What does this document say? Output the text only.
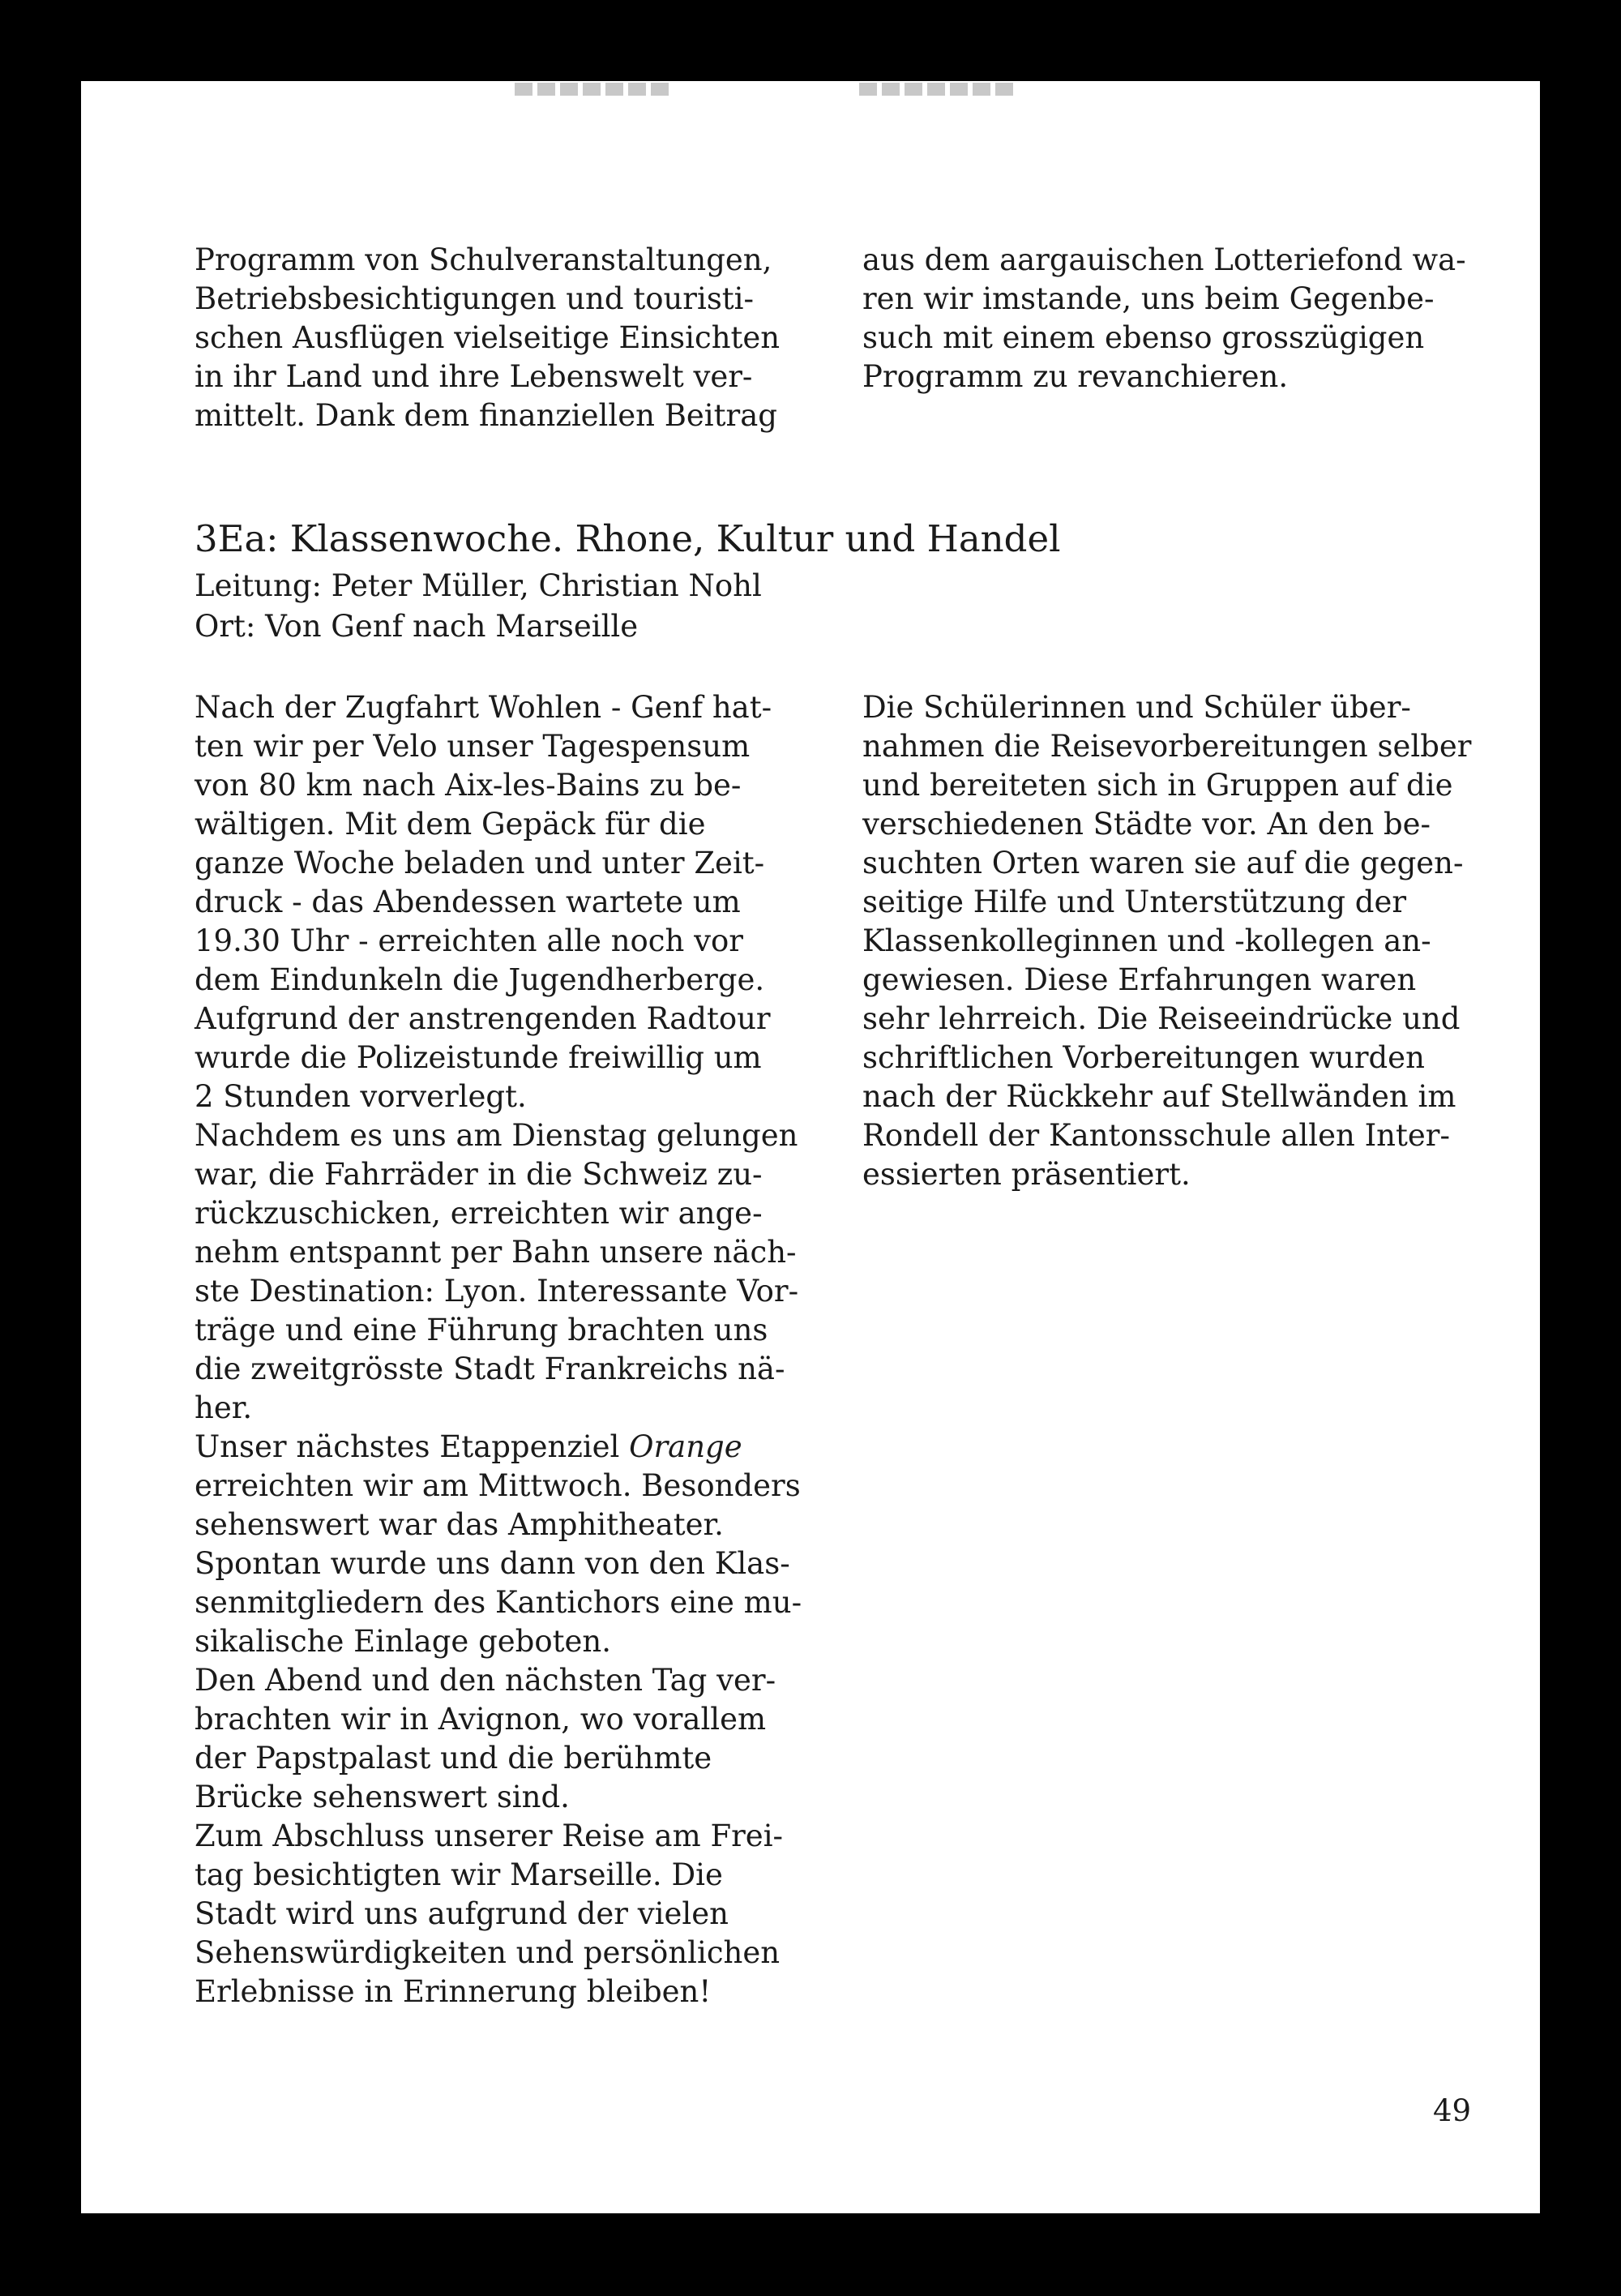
Programm von Schulveranstaltungen,
Betriebsbesichtigungen und touristi-
schen Ausflügen vielseitige Einsichten
in ihr Land und ihre Lebenswelt ver-
mittelt. Dank dem finanziellen Beitrag

aus dem aargauischen Lotteriefond wa-
ren wir imstande, uns beim Gegenbe-
such mit einem ebenso grosszügigen
Programm zu revanchieren.

3Ea: Klassenwoche. Rhone, Kultur und Handel

Leitung: Peter Müller, Christian Nohl

Ort: Von Genf nach Marseille

Nach der Zugfahrt Wohlen - Genf hat-
ten wir per Velo unser Tagespensum
von 80 km nach Aix-les-Bains zu be-
wältigen. Mit dem Gepäck für die
ganze Woche beladen und unter Zeit-
druck - das Abendessen wartete um
19.30 Uhr - erreichten alle noch vor
dem Eindunkeln die Jugendherberge.
Aufgrund der anstrengenden Radtour
wurde die Polizeistunde freiwillig um
2 Stunden vorverlegt.

Nachdem es uns am Dienstag gelungen
war, die Fahrräder in die Schweiz zu-
rückzuschicken, erreichten wir ange-
nehm entspannt per Bahn unsere näch-
ste Destination: Lyon. Interessante Vor-
träge und eine Führung brachten uns
die zweitgrösste Stadt Frankreichs nä-
her.

Unser nächstes Etappenziel Orange
erreichten wir am Mittwoch. Besonders
sehenswert war das Amphitheater.
Spontan wurde uns dann von den Klas-
senmitgliedern des Kantichors eine mu-
sikalische Einlage geboten.

Den Abend und den nächsten Tag ver-
brachten wir in Avignon, wo vorallem
der Papstpalast und die berühmte
Brücke sehenswert sind.

Zum Abschluss unserer Reise am Frei-
tag besichtigten wir Marseille. Die
Stadt wird uns aufgrund der vielen
Sehenswürdigkeiten und persönlichen
Erlebnisse in Erinnerung bleiben!

Die Schülerinnen und Schüler über-
nahmen die Reisevorbereitungen selber
und bereiteten sich in Gruppen auf die
verschiedenen Städte vor. An den be-
suchten Orten waren sie auf die gegen-
seitige Hilfe und Unterstützung der
Klassenkolleginnen und -kollegen an-
gewiesen. Diese Erfahrungen waren
sehr lehrreich. Die Reiseeindrücke und
schriftlichen Vorbereitungen wurden
nach der Rückkehr auf Stellwänden im
Rondell der Kantonsschule allen Inter-
essierten präsentiert.

49
